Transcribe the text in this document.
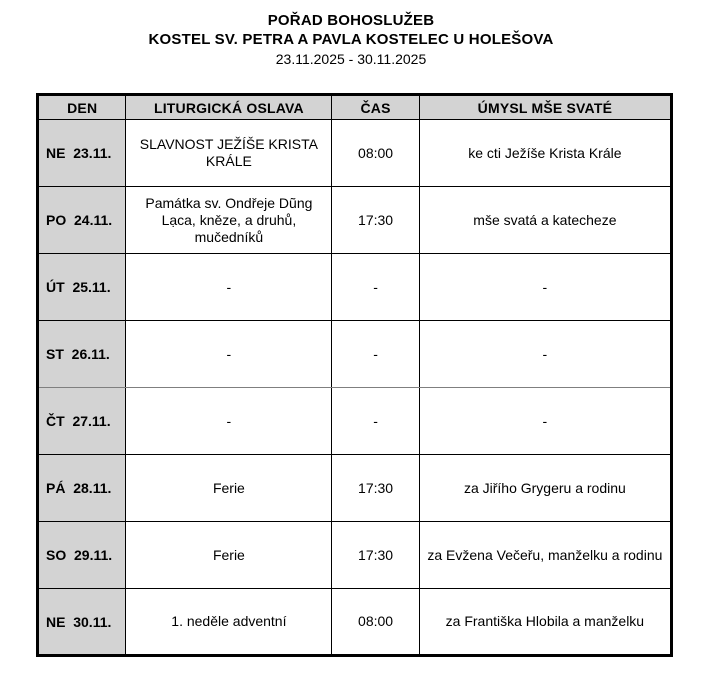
POŘAD BOHOSLUŽEB
KOSTEL SV. PETRA A PAVLA KOSTELEC U HOLEŠOVA
23.11.2025 - 30.11.2025
DEN	LITURGICKÁ OSLAVA	ČAS	ÚMYSL MŠE SVATÉ
NE  23.11.	SLAVNOST JEŽÍŠE KRISTA KRÁLE	08:00	ke cti Ježíše Krista Krále
PO  24.11.	Památka sv. Ondřeje Dũng Lạca, kněze, a druhů, mučedníků	17:30	mše svatá a katecheze
ÚT  25.11.	-	-	-
ST  26.11.	-	-	-
ČT  27.11.	-	-	-
PÁ  28.11.	Ferie	17:30	za Jiřího Grygeru a rodinu
SO  29.11.	Ferie	17:30	za Evžena Večeřu, manželku a rodinu
NE  30.11.	1. neděle adventní	08:00	za Františka Hlobila a manželku
